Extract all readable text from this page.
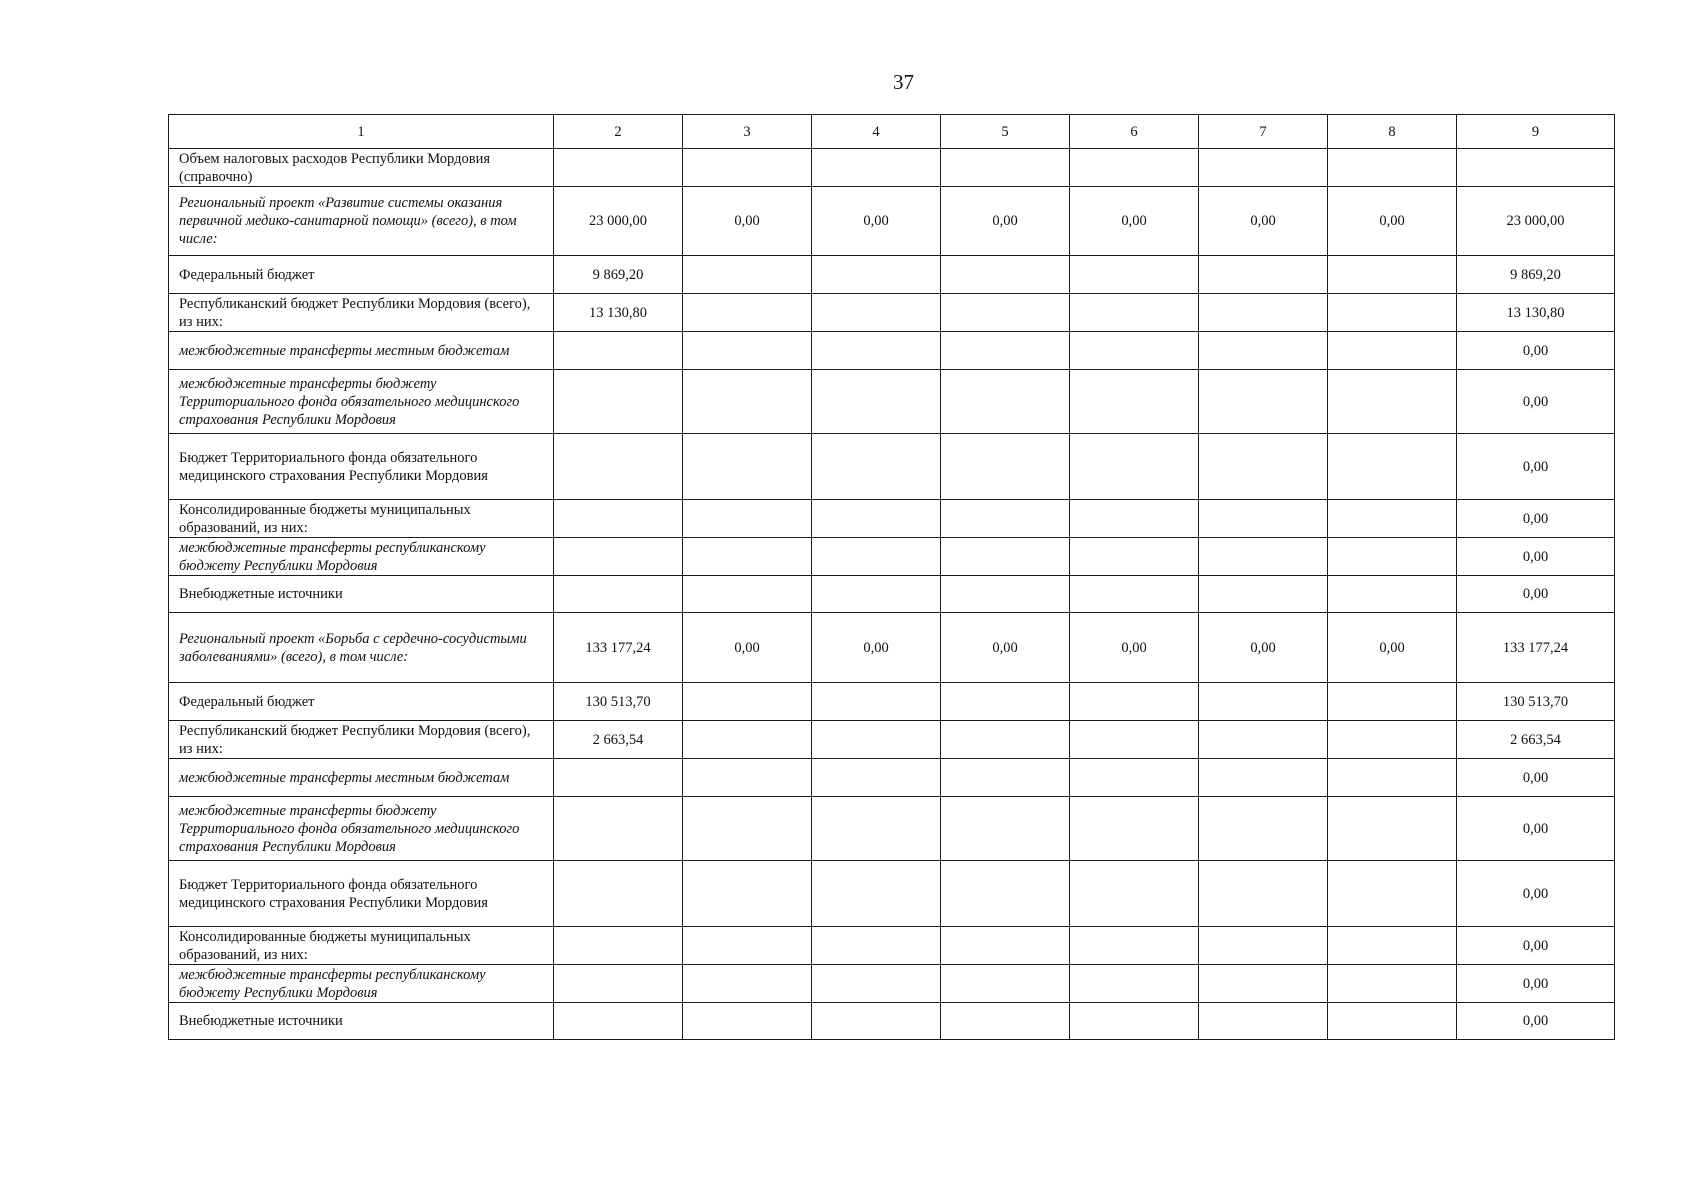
37
1	2	3	4	5	6	7	8	9
Объем налоговых расходов Республики Мордовия (справочно)								
Региональный проект «Развитие системы оказания первичной медико-санитарной помощи» (всего), в том числе:	23 000,00	0,00	0,00	0,00	0,00	0,00	0,00	23 000,00
Федеральный бюджет	9 869,20							9 869,20
Республиканский бюджет Республики Мордовия (всего), из них:	13 130,80							13 130,80
межбюджетные трансферты местным бюджетам								0,00
межбюджетные трансферты бюджету Территориального фонда обязательного медицинского страхования Республики Мордовия								0,00
Бюджет Территориального фонда обязательного медицинского страхования Республики Мордовия								0,00
Консолидированные бюджеты муниципальных образований, из них:								0,00
межбюджетные трансферты республиканскому бюджету Республики Мордовия								0,00
Внебюджетные источники								0,00
Региональный проект «Борьба с сердечно-сосудистыми заболеваниями» (всего), в том числе:	133 177,24	0,00	0,00	0,00	0,00	0,00	0,00	133 177,24
Федеральный бюджет	130 513,70							130 513,70
Республиканский бюджет Республики Мордовия (всего), из них:	2 663,54							2 663,54
межбюджетные трансферты местным бюджетам								0,00
межбюджетные трансферты бюджету Территориального фонда обязательного медицинского страхования Республики Мордовия								0,00
Бюджет Территориального фонда обязательного медицинского страхования Республики Мордовия								0,00
Консолидированные бюджеты муниципальных образований, из них:								0,00
межбюджетные трансферты республиканскому бюджету Республики Мордовия								0,00
Внебюджетные источники								0,00
